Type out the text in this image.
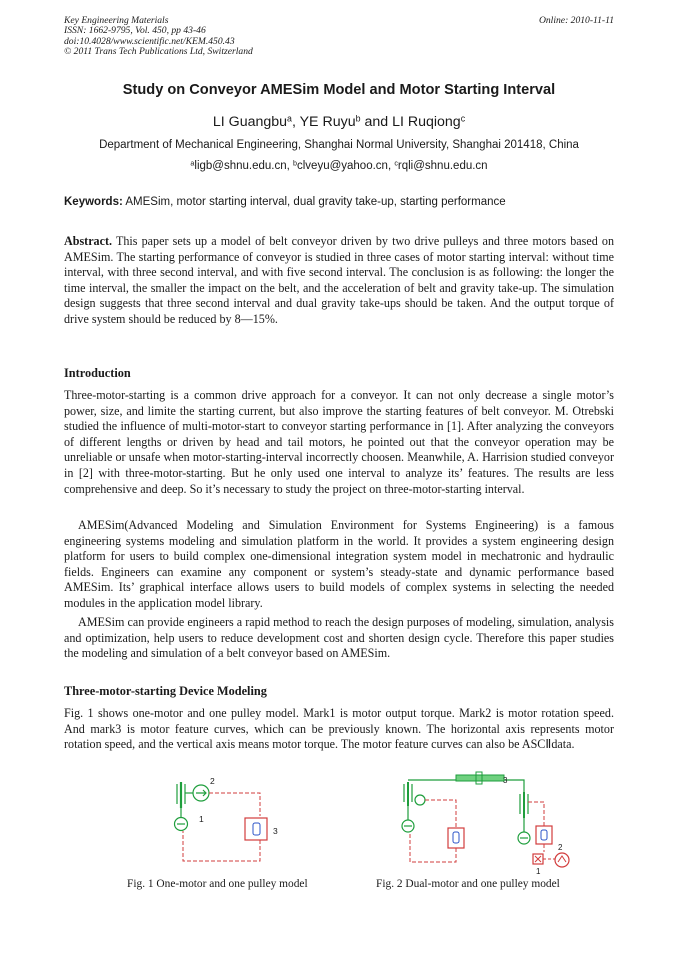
Key Engineering Materials
ISSN: 1662-9795, Vol. 450, pp 43-46
doi:10.4028/www.scientific.net/KEM.450.43
© 2011 Trans Tech Publications Ltd, Switzerland
Online: 2010-11-11
Study on Conveyor AMESim Model and Motor Starting Interval
LI Guangbu$^a$, YE Ruyu$^b$ and LI Ruqiong$^c$
Department of Mechanical Engineering, Shanghai Normal University, Shanghai 201418, China
$^a$ligb@shnu.edu.cn, $^b$clveyu@yahoo.cn, $^c$rqli@shnu.edu.cn
Keywords: AMESim, motor starting interval, dual gravity take-up, starting performance

Abstract. This paper sets up a model of belt conveyor driven by two drive pulleys and three motors based on AMESim. The starting performance of conveyor is studied in three cases of motor starting interval: without time interval, with three second interval, and with five second interval. The conclusion is as following: the longer the time interval, the smaller the impact on the belt, and the acceleration of belt and gravity take-up. The simulation design suggests that three second interval and dual gravity take-ups should be taken. And the output torque of drive system should be reduced by 8—15%.

Introduction

Three-motor-starting is a common drive approach for a conveyor. It can not only decrease a single motor’s power, size, and limite the starting current, but also improve the starting features of belt conveyor. M. Otrebski studied the influence of multi-motor-start to conveyor starting performance in [1]. After analyzing the conveyors of different lengths or driven by head and tail motors, he pointed out that the conveyor operation may be unreliable or unsafe when motor-starting-interval incorrectly choosen. Meanwhile, A. Harrision studied conveyor in [2] with three-motor-starting. But he only used one interval to analyze its’ features. The results are less comprehensive and deep. So it’s necessary to study the project on three-motor-starting interval.

AMESim(Advanced Modeling and Simulation Environment for Systems Engineering) is a famous engineering systems modeling and simulation platform in the world. It provides a system engineering design platform for users to build complex one-dimensional integration system model in mechatronic and hydraulic fields. Engineers can examine any component or system’s steady-state and dynamic performance based AMESim. Its’ graphical interface allows users to build models of complex systems in selecting the needed modules in the application model library.

AMESim can provide engineers a rapid method to reach the design purposes of modeling, simulation, analysis and optimization, help users to reduce development cost and shorten design cycle. Therefore this paper studies the modeling and simulation of a belt conveyor based on AMESim.

Three-motor-starting Device Modeling

Fig. 1 shows one-motor and one pulley model. Mark1 is motor output torque. Mark2 is motor rotation speed. And mark3 is motor feature curves, which can be previously known. The horizontal axis represents motor rotation speed, and the vertical axis means motor torque. The motor feature curves can also be ASCⅡdata.

2
1
3
Fig. 1 One-motor and one pulley model
3
2
1
Fig. 2 Dual-motor and one pulley model
